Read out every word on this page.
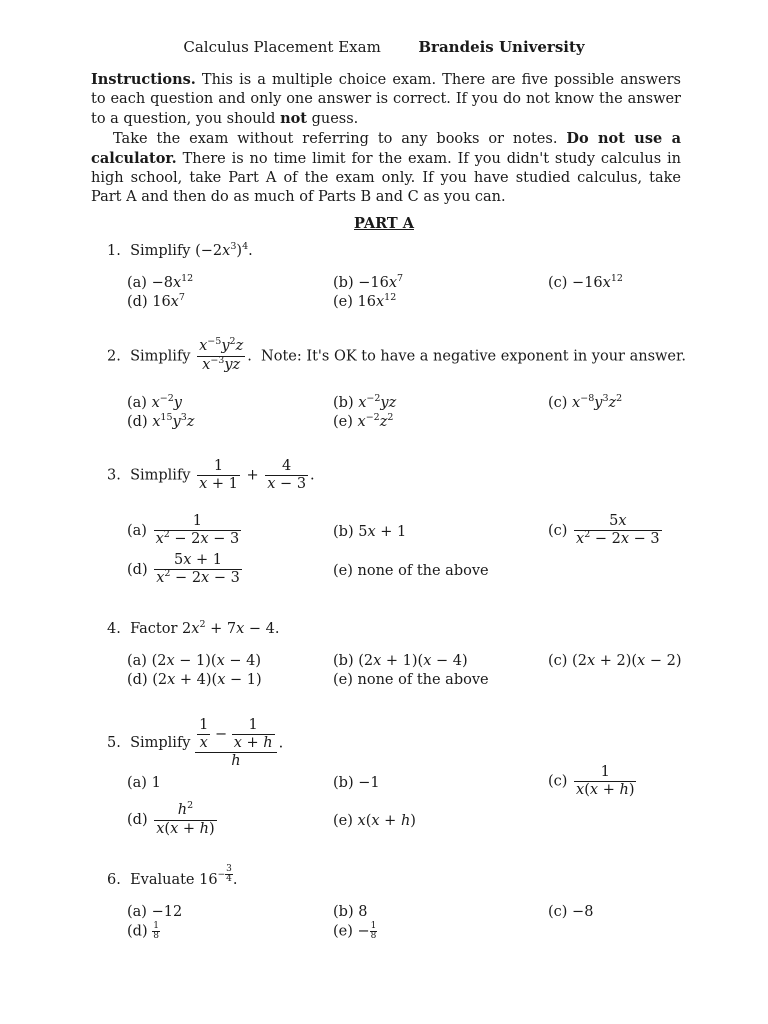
Calculus Placement Exam	Brandeis University

Instructions. This is a multiple choice exam. There are five possible answers to each question and only one answer is correct. If you do not know the answer to a question, you should not guess.

Take the exam without referring to any books or notes. Do not use a calculator. There is no time limit for the exam. If you didn't study calculus in high school, take Part A of the exam only. If you have studied calculus, take Part A and then do as much of Parts B and C as you can.

PART A
1. Simplify $(-2x^3)^4$.
$(a) -8x^{12}$	$(b) -16x^7$	$(c) -16x^{12}$
(d) $16x^7$	(e) $16x^{12}$
2. Simplify $\frac{x^{-5}y^2z}{x^{-3}yz}$ .  Note: It's OK to have a negative exponent in your answer.
(a) $x^{-2}y$	(b) $x^{-2}yz$	(c) $x^{-8}y^3z^2$
(d) $x^{15}y^3z$	(e) $x^{-2}z^2$
3. Simplify $\frac{1}{x + 1} + \frac{4}{x - 3}$ .
$(a) \frac{1}{x^2 - 2x - 3}$	(b) 5x + 1	$(c) \frac{5x}{x^2 - 2x - 3}$
$(d) \frac{5x + 1}{x^2 - 2x - 3}$	(e) none of the above
4. Factor $2x^2 + 7x - 4$.
(a) (2x − 1)(x − 4)	(b) (2x + 1)(x − 4)	(c) (2x + 2)(x − 2)
(d) (2x + 4)(x − 1)	(e) none of the above
5. Simplify $\frac{\frac{1}{x} - \frac{1}{x + h}}{h}$ .
(a) 1	(b) −1	$(c) \frac{1}{x(x + h)}$
$(d) \frac{h^2}{x(x + h)}$	(e) x(x + h)
6. Evaluate $16^{- \frac{3}{4}}$ .
(a) −12	(b) 8	(c) −8
$(d) \frac{1}{8}$	$(e) - \frac{1}{8}$
